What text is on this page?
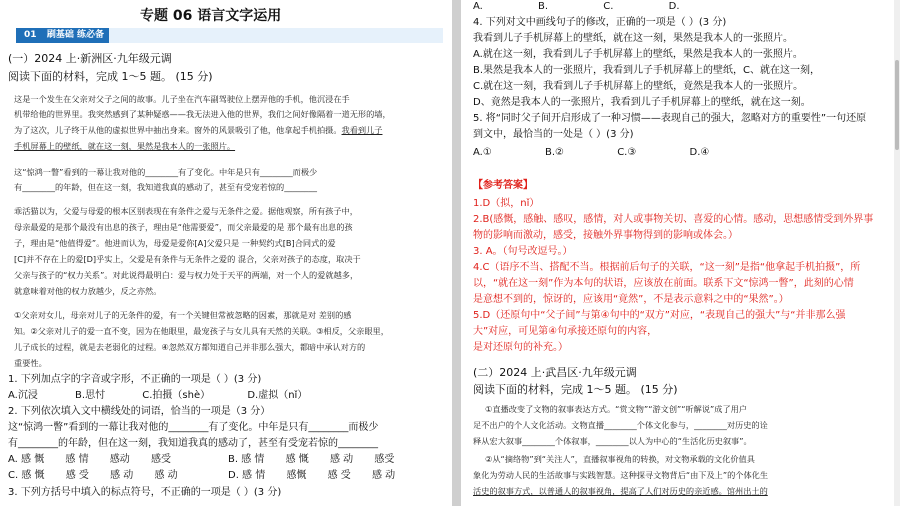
专题 06 语言文字运用
01 刷基础 练必备
(一）2024 上·新洲区·九年级元调
阅读下面的材料，完成 1～5 题。 (15 分)
这是一个发生在父亲对父子之间的故事。儿子坐在汽车副驾驶位上摆弄他的手机，他沉浸在手
机带给他的世界里。我突然感到了某种疑惑——我无法进入他的世界，我们之间好像隔着一道无形的墙，
为了这次，儿子终于从他的虚拟世界中抽出身来。窗外的风景吸引了他，他拿起手机拍摄。我看到儿子
手机屏幕上的壁纸，就在这一刻，果然是我本人的一张照片。
这“惊鸿一瞥”看到的一幕让我对他的________有了变化。中年是只有________而极少
有________的年龄，但在这一刻，我知道我真的感动了，甚至有受宠若惊的________
乖活猫以为，父爱与母爱的根本区别表现在有条件之爱与无条件之爱。据他观察，所有孩子中，
母亲最爱的是那个最没有出息的孩子，理由是“他需要爱”，而父亲最爱的是 那个最有出息的孩
子，理由是“他值得爱”。他进而认为，母爱是爱你[A]父爱只是 一种契约式[B]合同式的爱
[C]并不存在上的爱[D]乎实上，父爱是有条件与无条件之爱的 混合，父亲对孩子的态度，取决于
父亲与孩子的“权力关系”。对此说得最明白：爱与权力处于天平的两端，对一个人的爱就越多，
就意味着对他的权力放越少，反之亦然。
①父亲对女儿，母亲对儿子的无条件的爱，有一个关键但常被忽略的因素，那就是对 差别的感
知。②父亲对儿子的爱一直不变，因为在他眼里，最宠孩子与女儿具有天然的关联。③相反，父亲眼里，
儿子成长的过程，就是去老弱化的过程。④忽然双方都知道自己并非那么强大，都暗中承认对方的
重要性。
1. 下列加点字的字音或字形，不正确的一项是（ ）(3 分)
A.沉浸	B.思忖	C.拍摄（shè）	D.虚拟（nǐ）
2. 下列依次填入文中横线处的词语，恰当的一项是（3 分）
这“惊鸿一瞥”看到的一幕让我对他的________有了变化。中年是只有________而极少
有________的年龄，但在这一刻，我知道我真的感动了，甚至有受宠若惊的________
A. 感 慨 感 情 感动 感受	B. 感 情 感 慨 感 动 感受
C. 感 慨 感 受 感 动 感 动	D. 感 情 感慨 感 受 感 动
3. 下列方括号中填入的标点符号，不正确的一项是（ ）(3 分)
A.	B.	C.	D.
4. 下列对文中画线句子的修改，正确的一项是（ ）(3 分)
我看到儿子手机屏幕上的壁纸，就在这一刻，果然是我本人的一张照片。
A.就在这一刻，我看到儿子手机屏幕上的壁纸，果然是我本人的一张照片。
B.果然是我本人的一张照片，我看到儿子手机屏幕上的壁纸，C、就在这一刻，
C.就在这一刻，我看到儿子手机屏幕上的壁纸，竟然是我本人的一张照片。
D、竟然是我本人的一张照片，我看到儿子手机屏幕上的壁纸，就在这一刻。
5. 将“同时父子间开启形成了一种习惯——表现自己的强大，忽略对方的重要性”一句还原
到文中，最恰当的一处是（ ）(3 分)
A.①	B.②	C.③	D.④
【参考答案】
1.D（拟，nǐ）
2.B(感慨，感触、感叹，感情，对人或事物关切、喜爱的心情。感动，思想感情受到外界事
物的影响而激动，感受，接触外界事物得到的影响或体会。）
3. A。（句号改逗号。）
4.C（语序不当、搭配不当。根据前后句子的关联，“这一刻”是指“他拿起手机拍摄”，所
以，“就在这一刻”作为本句的状语，应该放在前面。联系下文“惊鸿一瞥”，此刻的心情
是意想不到的，惊讶的，应该用“竟然”，不是表示意料之中的“果然”。）
5.D（还原句中“父子间”与第④句中的“双方”对应，“表现自己的强大”与“并非那么强
大”对应，可见第④句承接还原句的内容，
是对还原句的补充。）
(二）2024 上·武昌区·九年级元调
阅读下面的材料，完成 1～5 题。 (15 分)
①直播改变了文物的叙事表达方式。“赏文物”“游文创”“听解说”成了用户
足不出户的个人文化活动。文物直播________个体文化参与，________对历史的诠
释从宏大叙事________个体叙事，________以人为中心的“生活化历史叙事”。
②从“摘络物”到“关注人”，直播叙事视角的转换，对文物承载的文化价值具
象化为劳动人民的生活故事与实践智慧。这种探寻文物背后“由下及上”的个体化生
活史的叙事方式，以普通人的叙事视角，提高了人们对历史的亲近感。馆州出土的
